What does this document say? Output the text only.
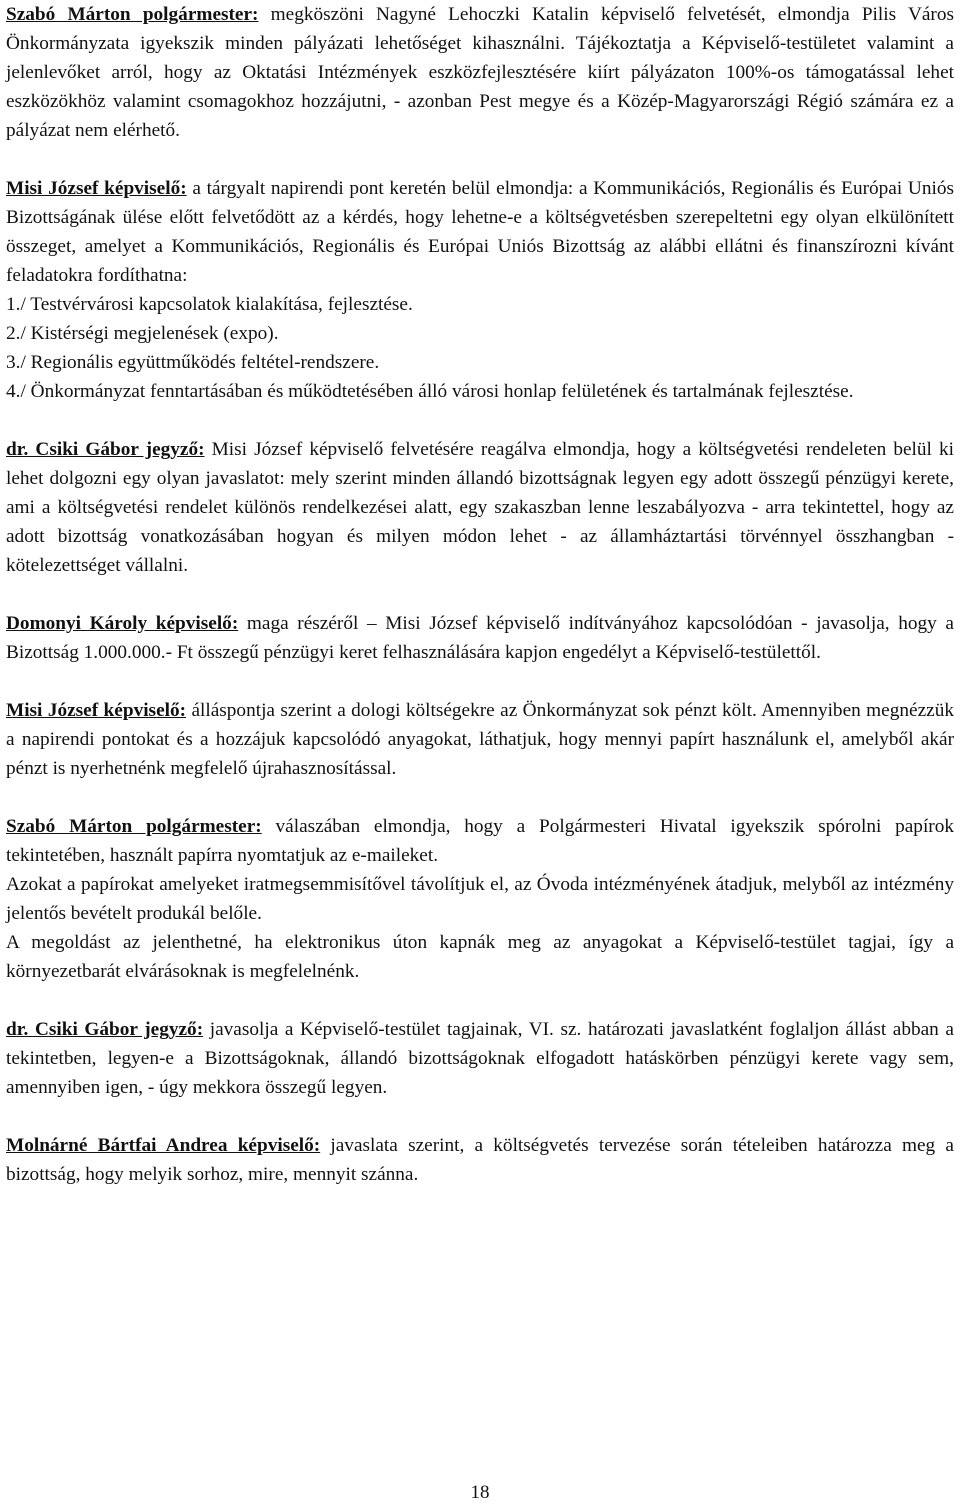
Szabó Márton polgármester: megköszöni Nagyné Lehoczki Katalin képviselő felvetését, elmondja Pilis Város Önkormányzata igyekszik minden pályázati lehetőséget kihasználni. Tájékoztatja a Képviselő-testületet valamint a jelenlevőket arról, hogy az Oktatási Intézmények eszközfejlesztésére kiírt pályázaton 100%-os támogatással lehet eszközökhöz valamint csomagokhoz hozzájutni, - azonban Pest megye és a Közép-Magyarországi Régió számára ez a pályázat nem elérhető.

Misi József képviselő: a tárgyalt napirendi pont keretén belül elmondja: a Kommunikációs, Regionális és Európai Uniós Bizottságának ülése előtt felvetődött az a kérdés, hogy lehetne-e a költségvetésben szerepeltetni egy olyan elkülönített összeget, amelyet a Kommunikációs, Regionális és Európai Uniós Bizottság az alábbi ellátni és finanszírozni kívánt feladatokra fordíthatna:

1./ Testvérvárosi kapcsolatok kialakítása, fejlesztése.

2./ Kistérségi megjelenések (expo).

3./ Regionális együttműködés feltétel-rendszere.

4./ Önkormányzat fenntartásában és működtetésében álló városi honlap felületének és tartalmának fejlesztése.

dr. Csiki Gábor jegyző: Misi József képviselő felvetésére reagálva elmondja, hogy a költségvetési rendeleten belül ki lehet dolgozni egy olyan javaslatot: mely szerint minden állandó bizottságnak legyen egy adott összegű pénzügyi kerete, ami a költségvetési rendelet különös rendelkezései alatt, egy szakaszban lenne leszabályozva - arra tekintettel, hogy az adott bizottság vonatkozásában hogyan és milyen módon lehet - az államháztartási törvénnyel összhangban - kötelezettséget vállalni.

Domonyi Károly képviselő: maga részéről – Misi József képviselő indítványához kapcsolódóan - javasolja, hogy a Bizottság 1.000.000.- Ft összegű pénzügyi keret felhasználására kapjon engedélyt a Képviselő-testülettől.

Misi József képviselő: álláspontja szerint a dologi költségekre az Önkormányzat sok pénzt költ. Amennyiben megnézzük a napirendi pontokat és a hozzájuk kapcsolódó anyagokat, láthatjuk, hogy mennyi papírt használunk el, amelyből akár pénzt is nyerhetnénk megfelelő újrahasznosítással.

Szabó Márton polgármester: válaszában elmondja, hogy a Polgármesteri Hivatal igyekszik spórolni papírok tekintetében, használt papírra nyomtatjuk az e-maileket.

Azokat a papírokat amelyeket iratmegsemmisítővel távolítjuk el, az Óvoda intézményének átadjuk, melyből az intézmény jelentős bevételt produkál belőle.

A megoldást az jelenthetné, ha elektronikus úton kapnák meg az anyagokat a Képviselő-testület tagjai, így a környezetbarát elvárásoknak is megfelelnénk.

dr. Csiki Gábor jegyző: javasolja a Képviselő-testület tagjainak, VI. sz. határozati javaslatként foglaljon állást abban a tekintetben, legyen-e a Bizottságoknak, állandó bizottságoknak elfogadott hatáskörben pénzügyi kerete vagy sem, amennyiben igen, - úgy mekkora összegű legyen.

Molnárné Bártfai Andrea képviselő: javaslata szerint, a költségvetés tervezése során tételeiben határozza meg a bizottság, hogy melyik sorhoz, mire, mennyit szánna.

18
